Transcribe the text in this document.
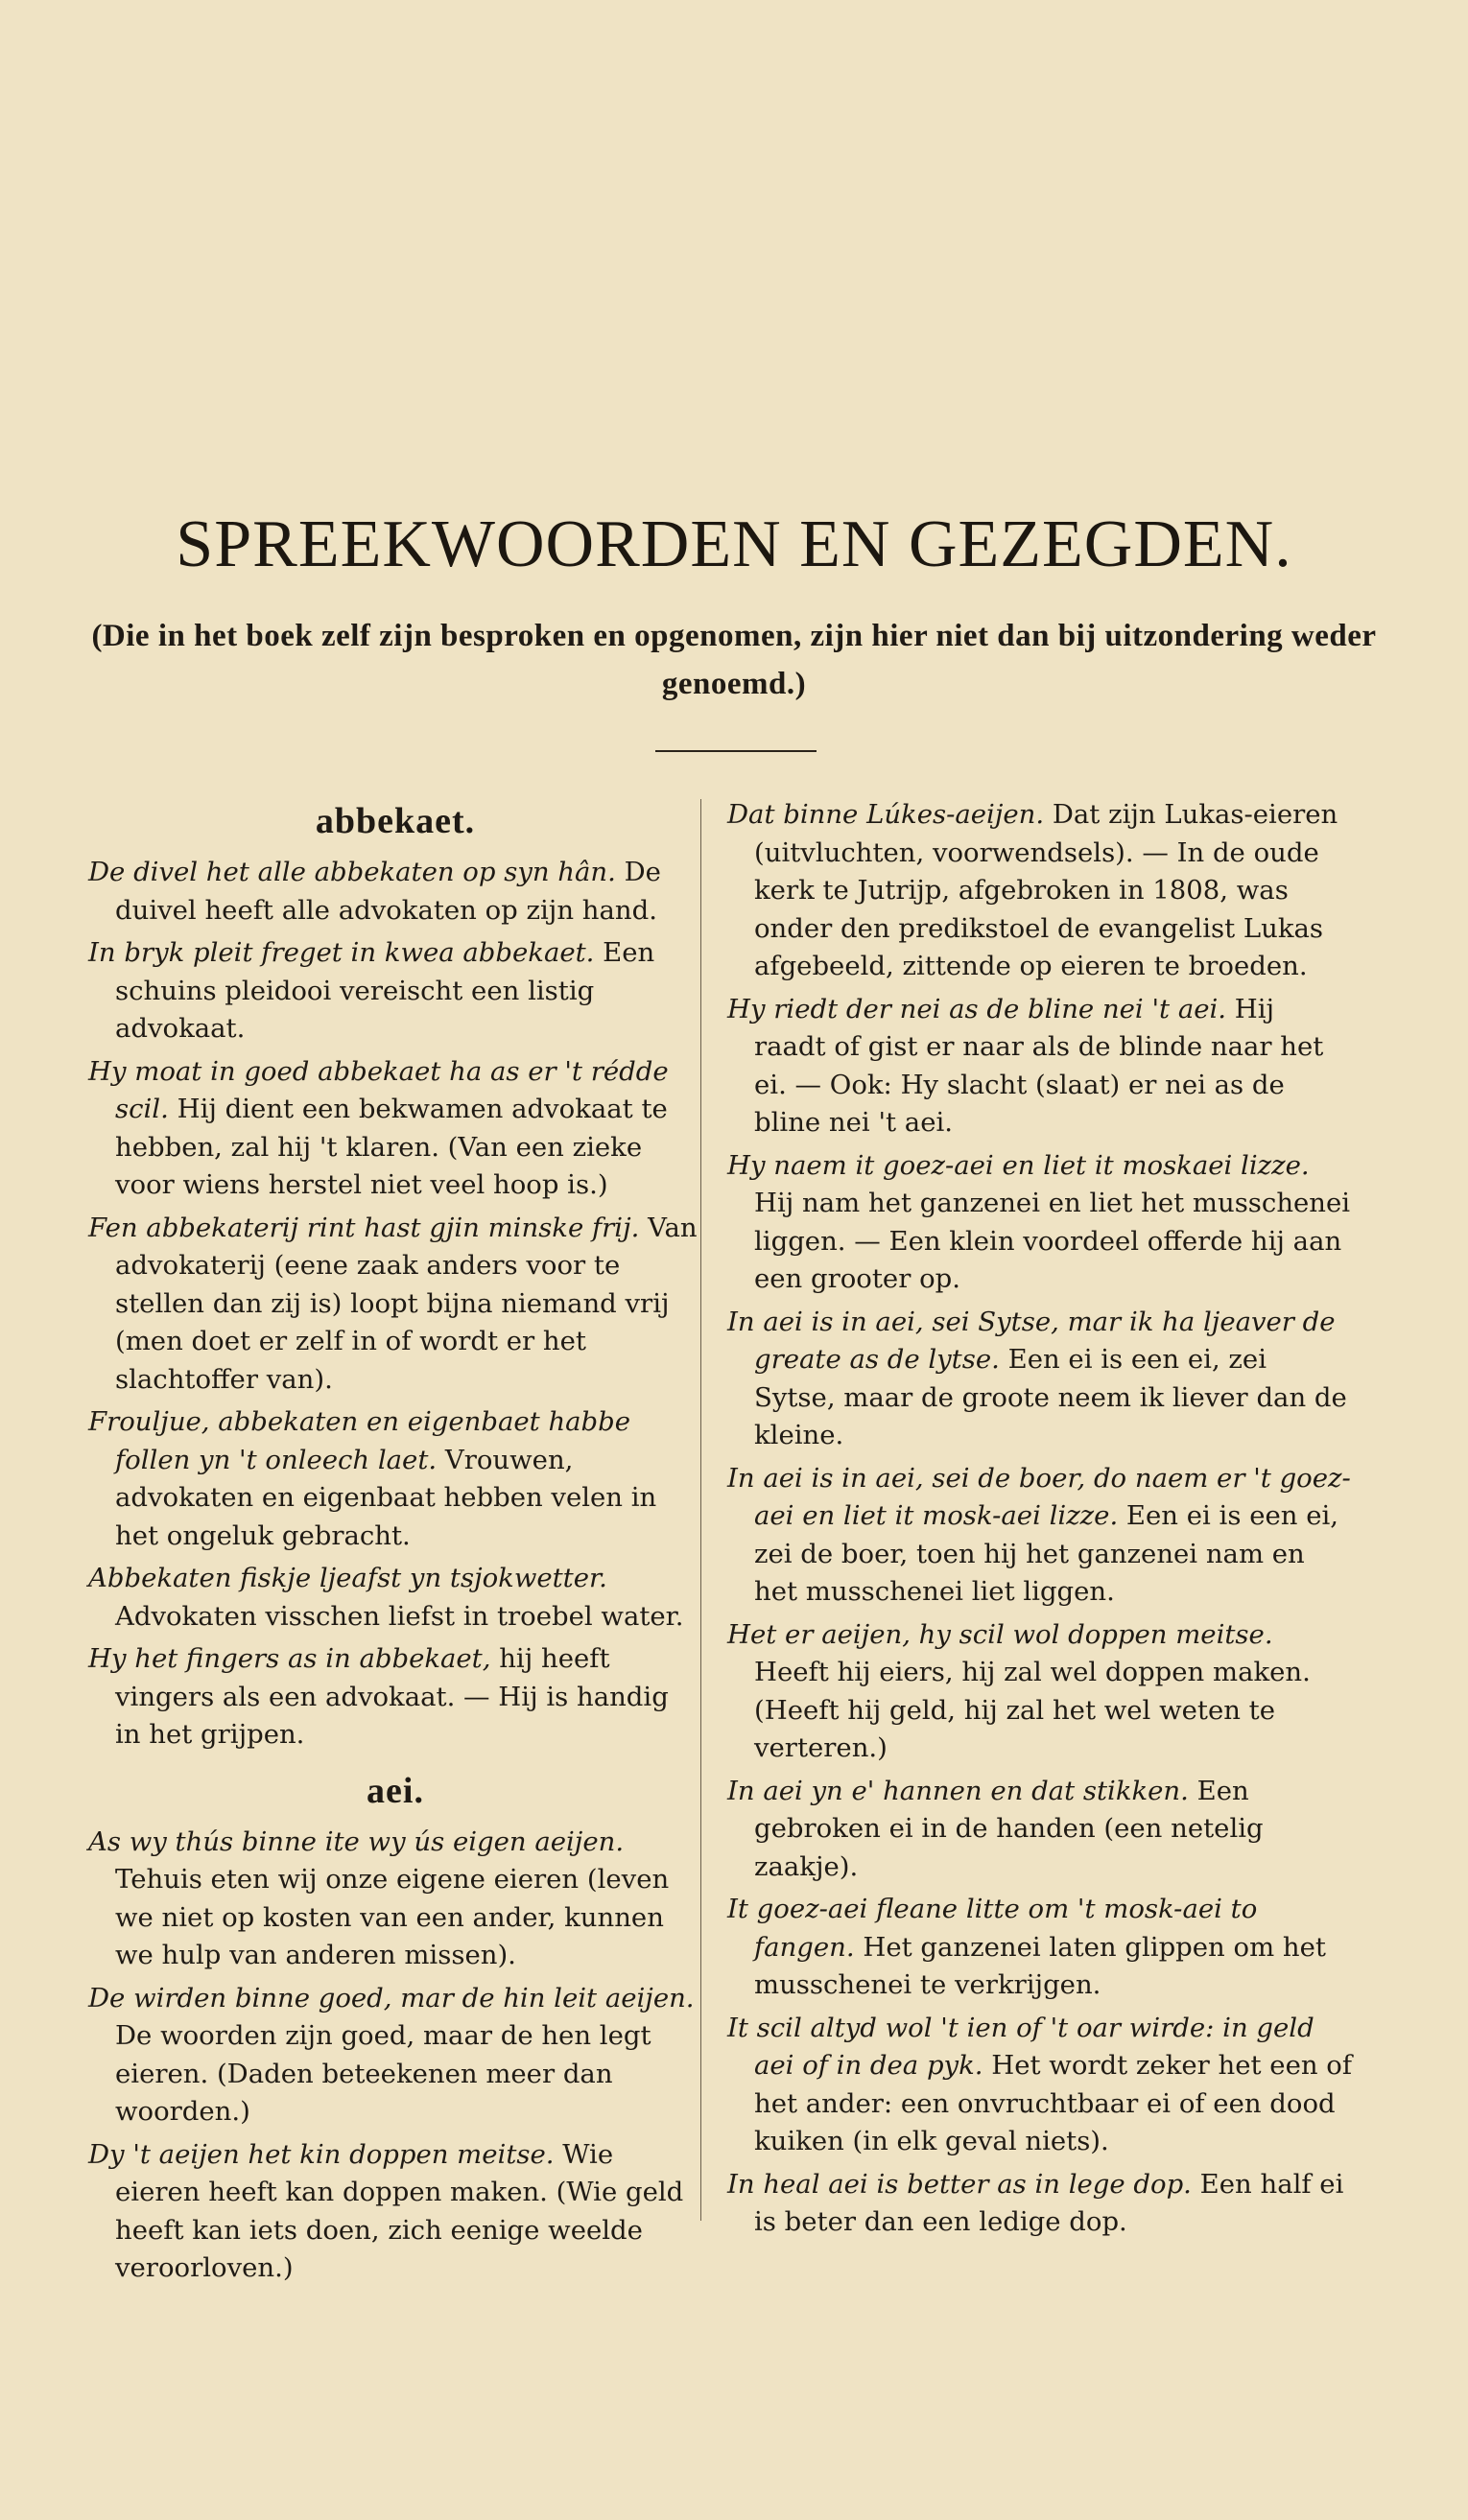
SPREEKWOORDEN EN GEZEGDEN.

(Die in het boek zelf zijn besproken en opgenomen, zijn hier niet dan bij uitzondering weder genoemd.)

abbekaet.

De divel het alle abbekaten op syn hân. De duivel heeft alle advokaten op zijn hand.

In bryk pleit freget in kwea abbekaet. Een schuins pleidooi vereischt een listig advokaat.

Hy moat in goed abbekaet ha as er 't rédde scil. Hij dient een bekwamen advokaat te hebben, zal hij 't klaren. (Van een zieke voor wiens herstel niet veel hoop is.)

Fen abbekaterij rint hast gjin minske frij. Van advokaterij (eene zaak anders voor te stellen dan zij is) loopt bijna niemand vrij (men doet er zelf in of wordt er het slachtoffer van).

Frouljue, abbekaten en eigenbaet habbe follen yn 't onleech laet. Vrouwen, advokaten en eigenbaat hebben velen in het ongeluk gebracht.

Abbekaten fiskje ljeafst yn tsjokwetter. Advokaten visschen liefst in troebel water.

Hy het fingers as in abbekaet, hij heeft vingers als een advokaat. — Hij is handig in het grijpen.

aei.

As wy thús binne ite wy ús eigen aeijen. Tehuis eten wij onze eigene eieren (leven we niet op kosten van een ander, kunnen we hulp van anderen missen).

De wirden binne goed, mar de hin leit aeijen. De woorden zijn goed, maar de hen legt eieren. (Daden beteekenen meer dan woorden.)

Dy 't aeijen het kin doppen meitse. Wie eieren heeft kan doppen maken. (Wie geld heeft kan iets doen, zich eenige weelde veroorloven.)

Dat binne Lúkes-aeijen. Dat zijn Lukas-eieren (uitvluchten, voorwendsels). — In de oude kerk te Jutrijp, afgebroken in 1808, was onder den predikstoel de evangelist Lukas afgebeeld, zittende op eieren te broeden.

Hy riedt der nei as de bline nei 't aei. Hij raadt of gist er naar als de blinde naar het ei. — Ook: Hy slacht (slaat) er nei as de bline nei 't aei.

Hy naem it goez-aei en liet it moskaei lizze. Hij nam het ganzenei en liet het musschenei liggen. — Een klein voordeel offerde hij aan een grooter op.

In aei is in aei, sei Sytse, mar ik ha ljeaver de greate as de lytse. Een ei is een ei, zei Sytse, maar de groote neem ik liever dan de kleine.

In aei is in aei, sei de boer, do naem er 't goez-aei en liet it mosk-aei lizze. Een ei is een ei, zei de boer, toen hij het ganzenei nam en het musschenei liet liggen.

Het er aeijen, hy scil wol doppen meitse. Heeft hij eiers, hij zal wel doppen maken. (Heeft hij geld, hij zal het wel weten te verteren.)

In aei yn e' hannen en dat stikken. Een gebroken ei in de handen (een netelig zaakje).

It goez-aei fleane litte om 't mosk-aei to fangen. Het ganzenei laten glippen om het musschenei te verkrijgen.

It scil altyd wol 't ien of 't oar wirde: in geld aei of in dea pyk. Het wordt zeker het een of het ander: een onvruchtbaar ei of een dood kuiken (in elk geval niets).

In heal aei is better as in lege dop. Een half ei is beter dan een ledige dop.
